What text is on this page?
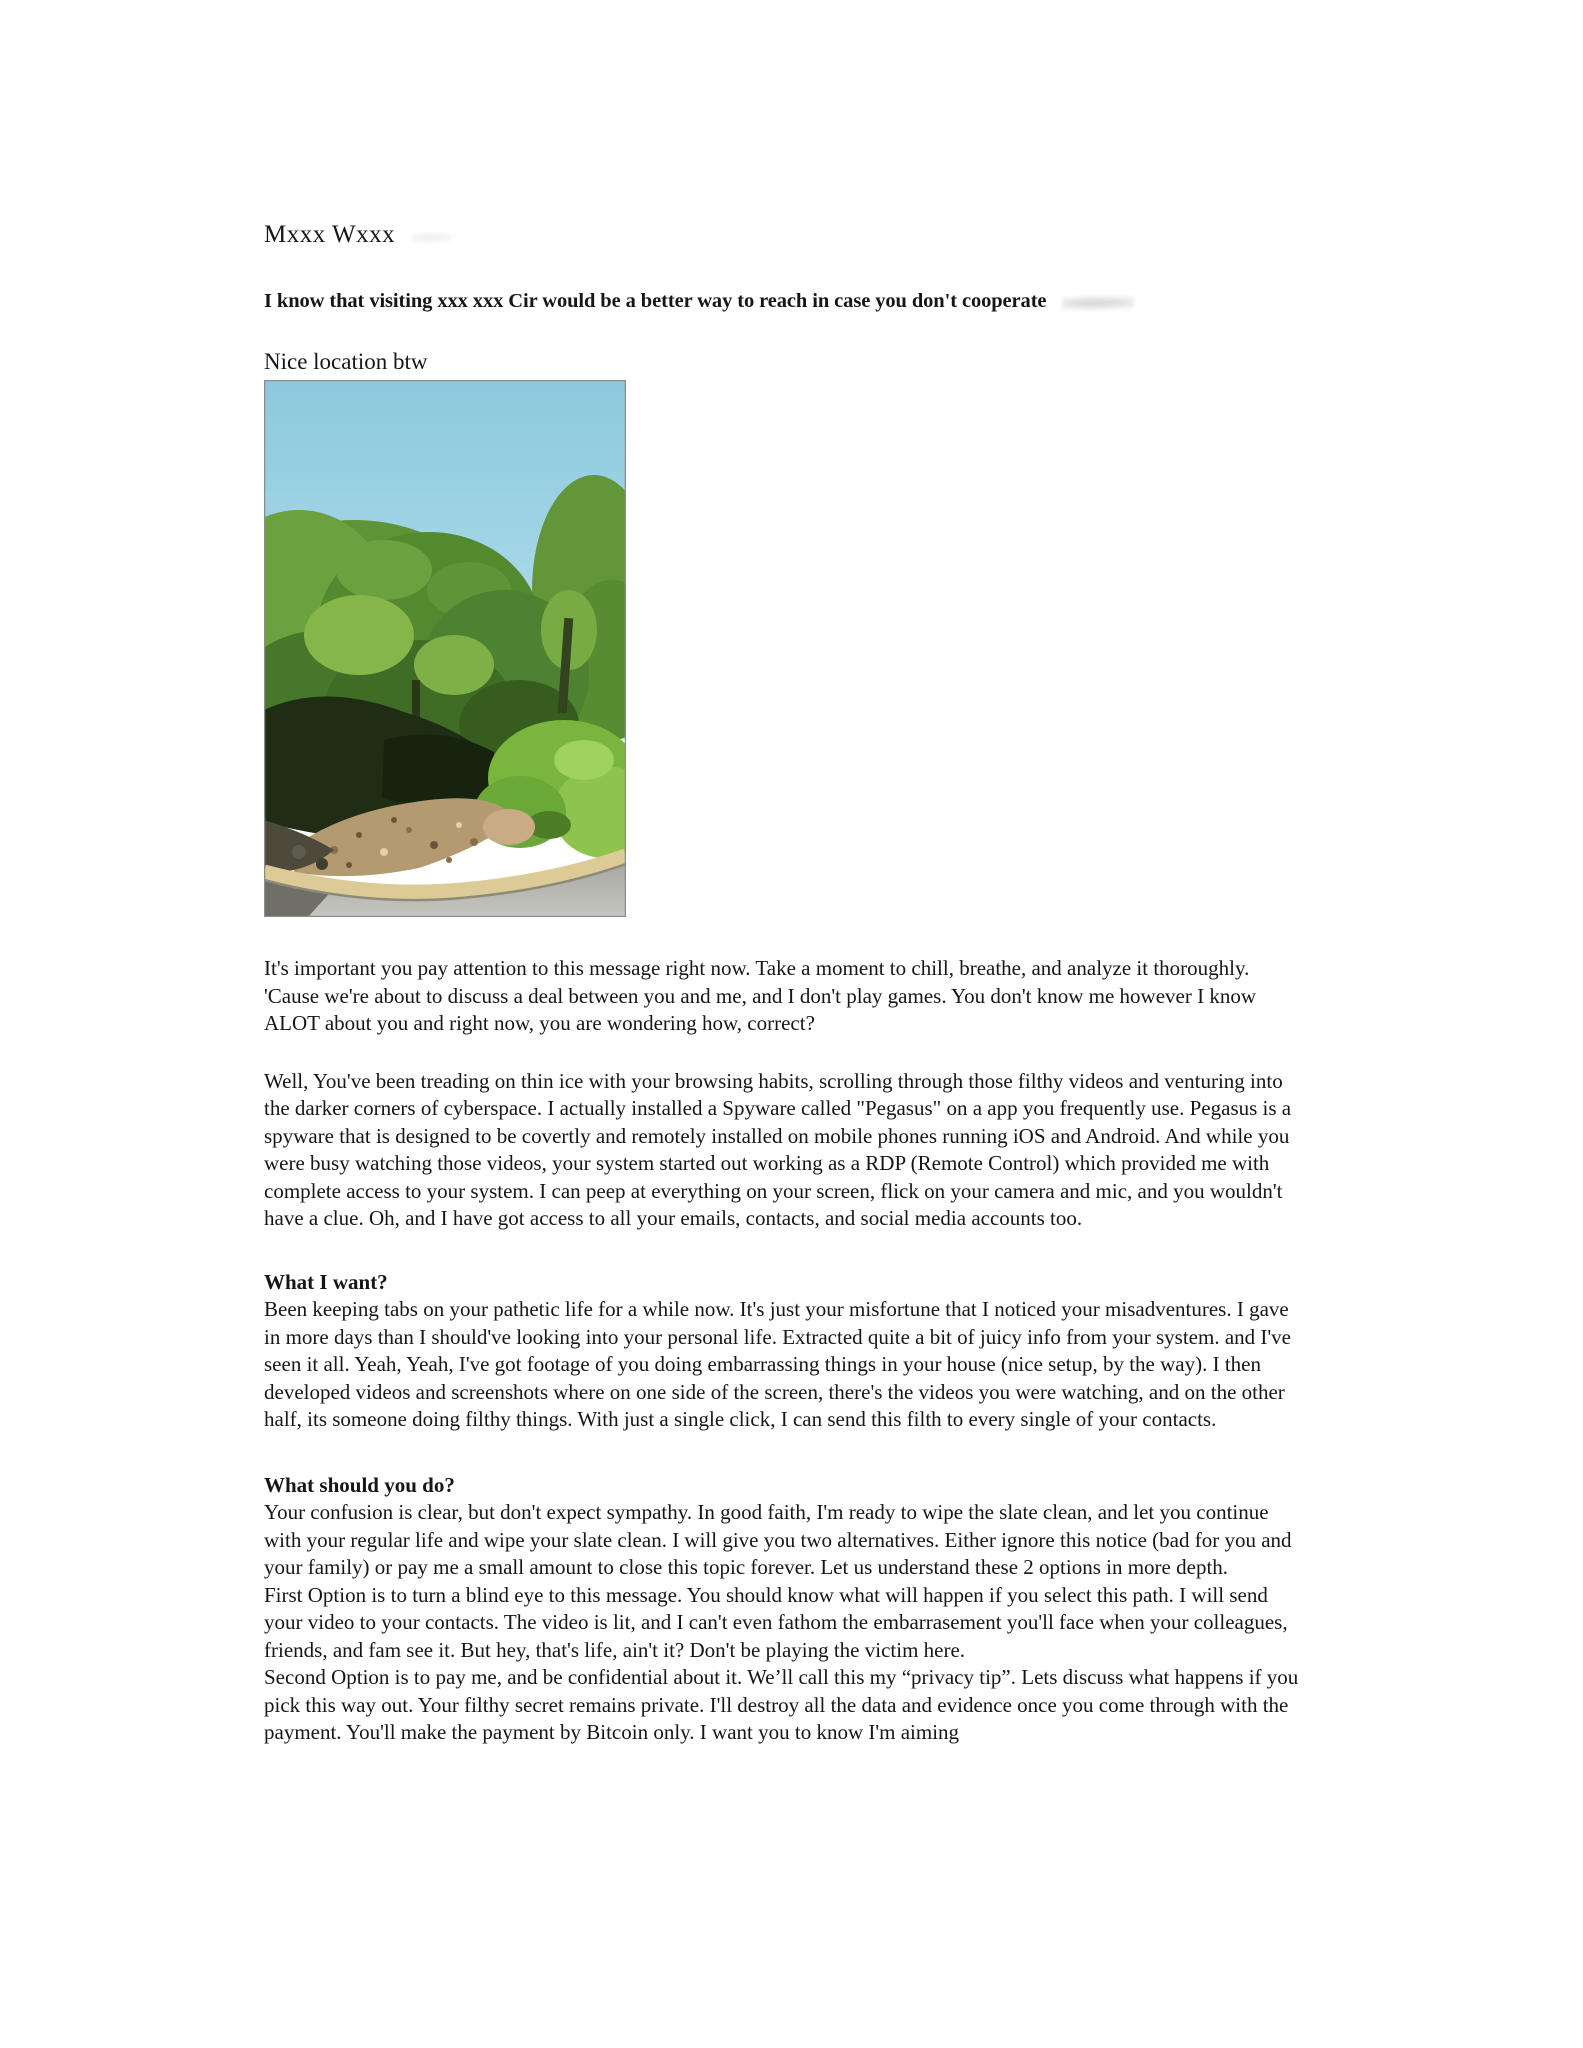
Mxxx Wxxx
I know that visiting xxx xxx Cir would be a better way to reach in case you don't cooperate
Nice location btw

It's important you pay attention to this message right now. Take a moment to chill, breathe, and analyze it thoroughly. 'Cause we're about to discuss a deal between you and me, and I don't play games. You don't know me however I know ALOT about you and right now, you are wondering how, correct?

Well, You've been treading on thin ice with your browsing habits, scrolling through those filthy videos and venturing into the darker corners of cyberspace. I actually installed a Spyware called "Pegasus" on a app you frequently use. Pegasus is a spyware that is designed to be covertly and remotely installed on mobile phones running iOS and Android. And while you were busy watching those videos, your system started out working as a RDP (Remote Control) which provided me with complete access to your system. I can peep at everything on your screen, flick on your camera and mic, and you wouldn't have a clue. Oh, and I have got access to all your emails, contacts, and social media accounts too.

What I want?

Been keeping tabs on your pathetic life for a while now. It's just your misfortune that I noticed your misadventures. I gave in more days than I should've looking into your personal life. Extracted quite a bit of juicy info from your system. and I've seen it all. Yeah, Yeah, I've got footage of you doing embarrassing things in your house (nice setup, by the way). I then developed videos and screenshots where on one side of the screen, there's the videos you were watching, and on the other half, its someone doing filthy things. With just a single click, I can send this filth to every single of your contacts.

What should you do?

Your confusion is clear, but don't expect sympathy. In good faith, I'm ready to wipe the slate clean, and let you continue with your regular life and wipe your slate clean. I will give you two alternatives. Either ignore this notice (bad for you and your family) or pay me a small amount to close this topic forever. Let us understand these 2 options in more depth.

First Option is to turn a blind eye to this message. You should know what will happen if you select this path. I will send your video to your contacts. The video is lit, and I can't even fathom the embarrasement you'll face when your colleagues, friends, and fam see it. But hey, that's life, ain't it? Don't be playing the victim here.

Second Option is to pay me, and be confidential about it. We’ll call this my “privacy tip”. Lets discuss what happens if you pick this way out. Your filthy secret remains private. I'll destroy all the data and evidence once you come through with the payment. You'll make the payment by Bitcoin only. I want you to know I'm aiming
